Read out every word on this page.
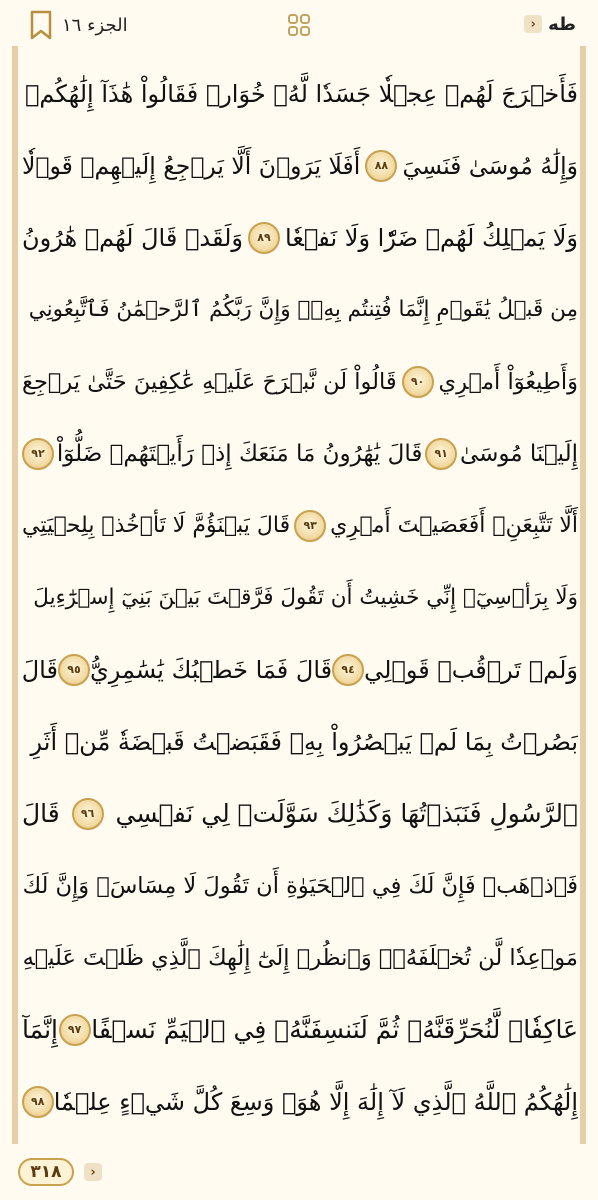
طه
‹
الجزء ١٦
فَأَخۡرَجَ لَهُمۡ عِجۡلٗا جَسَدٗا لَّهُۥ خُوَارٞ فَقَالُواْ هَٰذَآ إِلَٰهُكُمۡ
وَإِلَٰهُ مُوسَىٰ فَنَسِيَ
٨٨
أَفَلَا يَرَوۡنَ أَلَّا يَرۡجِعُ إِلَيۡهِمۡ قَوۡلٗا
وَلَا يَمۡلِكُ لَهُمۡ ضَرّٗا وَلَا نَفۡعٗا
٨٩
وَلَقَدۡ قَالَ لَهُمۡ هَٰرُونُ
مِن قَبۡلُ يَٰقَوۡمِ إِنَّمَا فُتِنتُم بِهِۦۖ وَإِنَّ رَبَّكُمُ ٱلرَّحۡمَٰنُ فَٱتَّبِعُونِي
وَأَطِيعُوٓاْ أَمۡرِي
٩٠
قَالُواْ لَن نَّبۡرَحَ عَلَيۡهِ عَٰكِفِينَ حَتَّىٰ يَرۡجِعَ
إِلَيۡنَا مُوسَىٰ
٩١
قَالَ يَٰهَٰرُونُ مَا مَنَعَكَ إِذۡ رَأَيۡتَهُمۡ ضَلُّوٓاْ
٩٢
أَلَّا تَتَّبِعَنِۖ أَفَعَصَيۡتَ أَمۡرِي
٩٣
قَالَ يَبۡنَؤُمَّ لَا تَأۡخُذۡ بِلِحۡيَتِي
وَلَا بِرَأۡسِيٓۖ إِنِّي خَشِيتُ أَن تَقُولَ فَرَّقۡتَ بَيۡنَ بَنِيٓ إِسۡرَٰٓءِيلَ
وَلَمۡ تَرۡقُبۡ قَوۡلِي
٩٤
قَالَ فَمَا خَطۡبُكَ يَٰسَٰمِرِيُّ
٩٥
قَالَ
بَصُرۡتُ بِمَا لَمۡ يَبۡصُرُواْ بِهِۦ فَقَبَضۡتُ قَبۡضَةٗ مِّنۡ أَثَرِ
ٱلرَّسُولِ فَنَبَذۡتُهَا وَكَذَٰلِكَ سَوَّلَتۡ لِي نَفۡسِي
٩٦
قَالَ
فَٱذۡهَبۡ فَإِنَّ لَكَ فِي ٱلۡحَيَوٰةِ أَن تَقُولَ لَا مِسَاسَۖ وَإِنَّ لَكَ
مَوۡعِدٗا لَّن تُخۡلَفَهُۥۖ وَٱنظُرۡ إِلَىٰٓ إِلَٰهِكَ ٱلَّذِي ظَلۡتَ عَلَيۡهِ
عَاكِفٗاۖ لَّنُحَرِّقَنَّهُۥ ثُمَّ لَنَنسِفَنَّهُۥ فِي ٱلۡيَمِّ نَسۡفًا
٩٧
إِنَّمَآ
إِلَٰهُكُمُ ٱللَّهُ ٱلَّذِي لَآ إِلَٰهَ إِلَّا هُوَۚ وَسِعَ كُلَّ شَيۡءٍ عِلۡمٗا
٩٨
٣١٨	›
